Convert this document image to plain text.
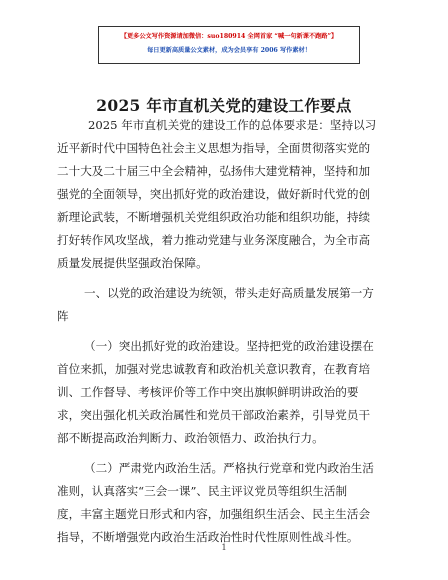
【更多公文写作资源请加微信：suo180914 全网首家 “喊一句新课不跑路”】
每日更新高质量公文素材，成为会员享有 2006 写作素材！
2025 年市直机关党的建设工作要点
2025 年市直机关党的建设工作的总体要求是：坚持以习
近平新时代中国特色社会主义思想为指导，全面贯彻落实党的
二十大及二十届三中全会精神，弘扬伟大建党精神，坚持和加
强党的全面领导，突出抓好党的政治建设，做好新时代党的创
新理论武装，不断增强机关党组织政治功能和组织功能，持续
打好转作风攻坚战，着力推动党建与业务深度融合，为全市高
质量发展提供坚强政治保障。
一、以党的政治建设为统领，带头走好高质量发展第一方
阵
（一）突出抓好党的政治建设。坚持把党的政治建设摆在
首位来抓，加强对党忠诚教育和政治机关意识教育，在教育培
训、工作督导、考核评价等工作中突出旗帜鲜明讲政治的要
求，突出强化机关政治属性和党员干部政治素养，引导党员干
部不断提高政治判断力、政治领悟力、政治执行力。
（二）严肃党内政治生活。严格执行党章和党内政治生活
准则，认真落实“三会一课”、民主评议党员等组织生活制
度，丰富主题党日形式和内容，加强组织生活会、民主生活会
指导，不断增强党内政治生活政治性时代性原则性战斗性。
1
